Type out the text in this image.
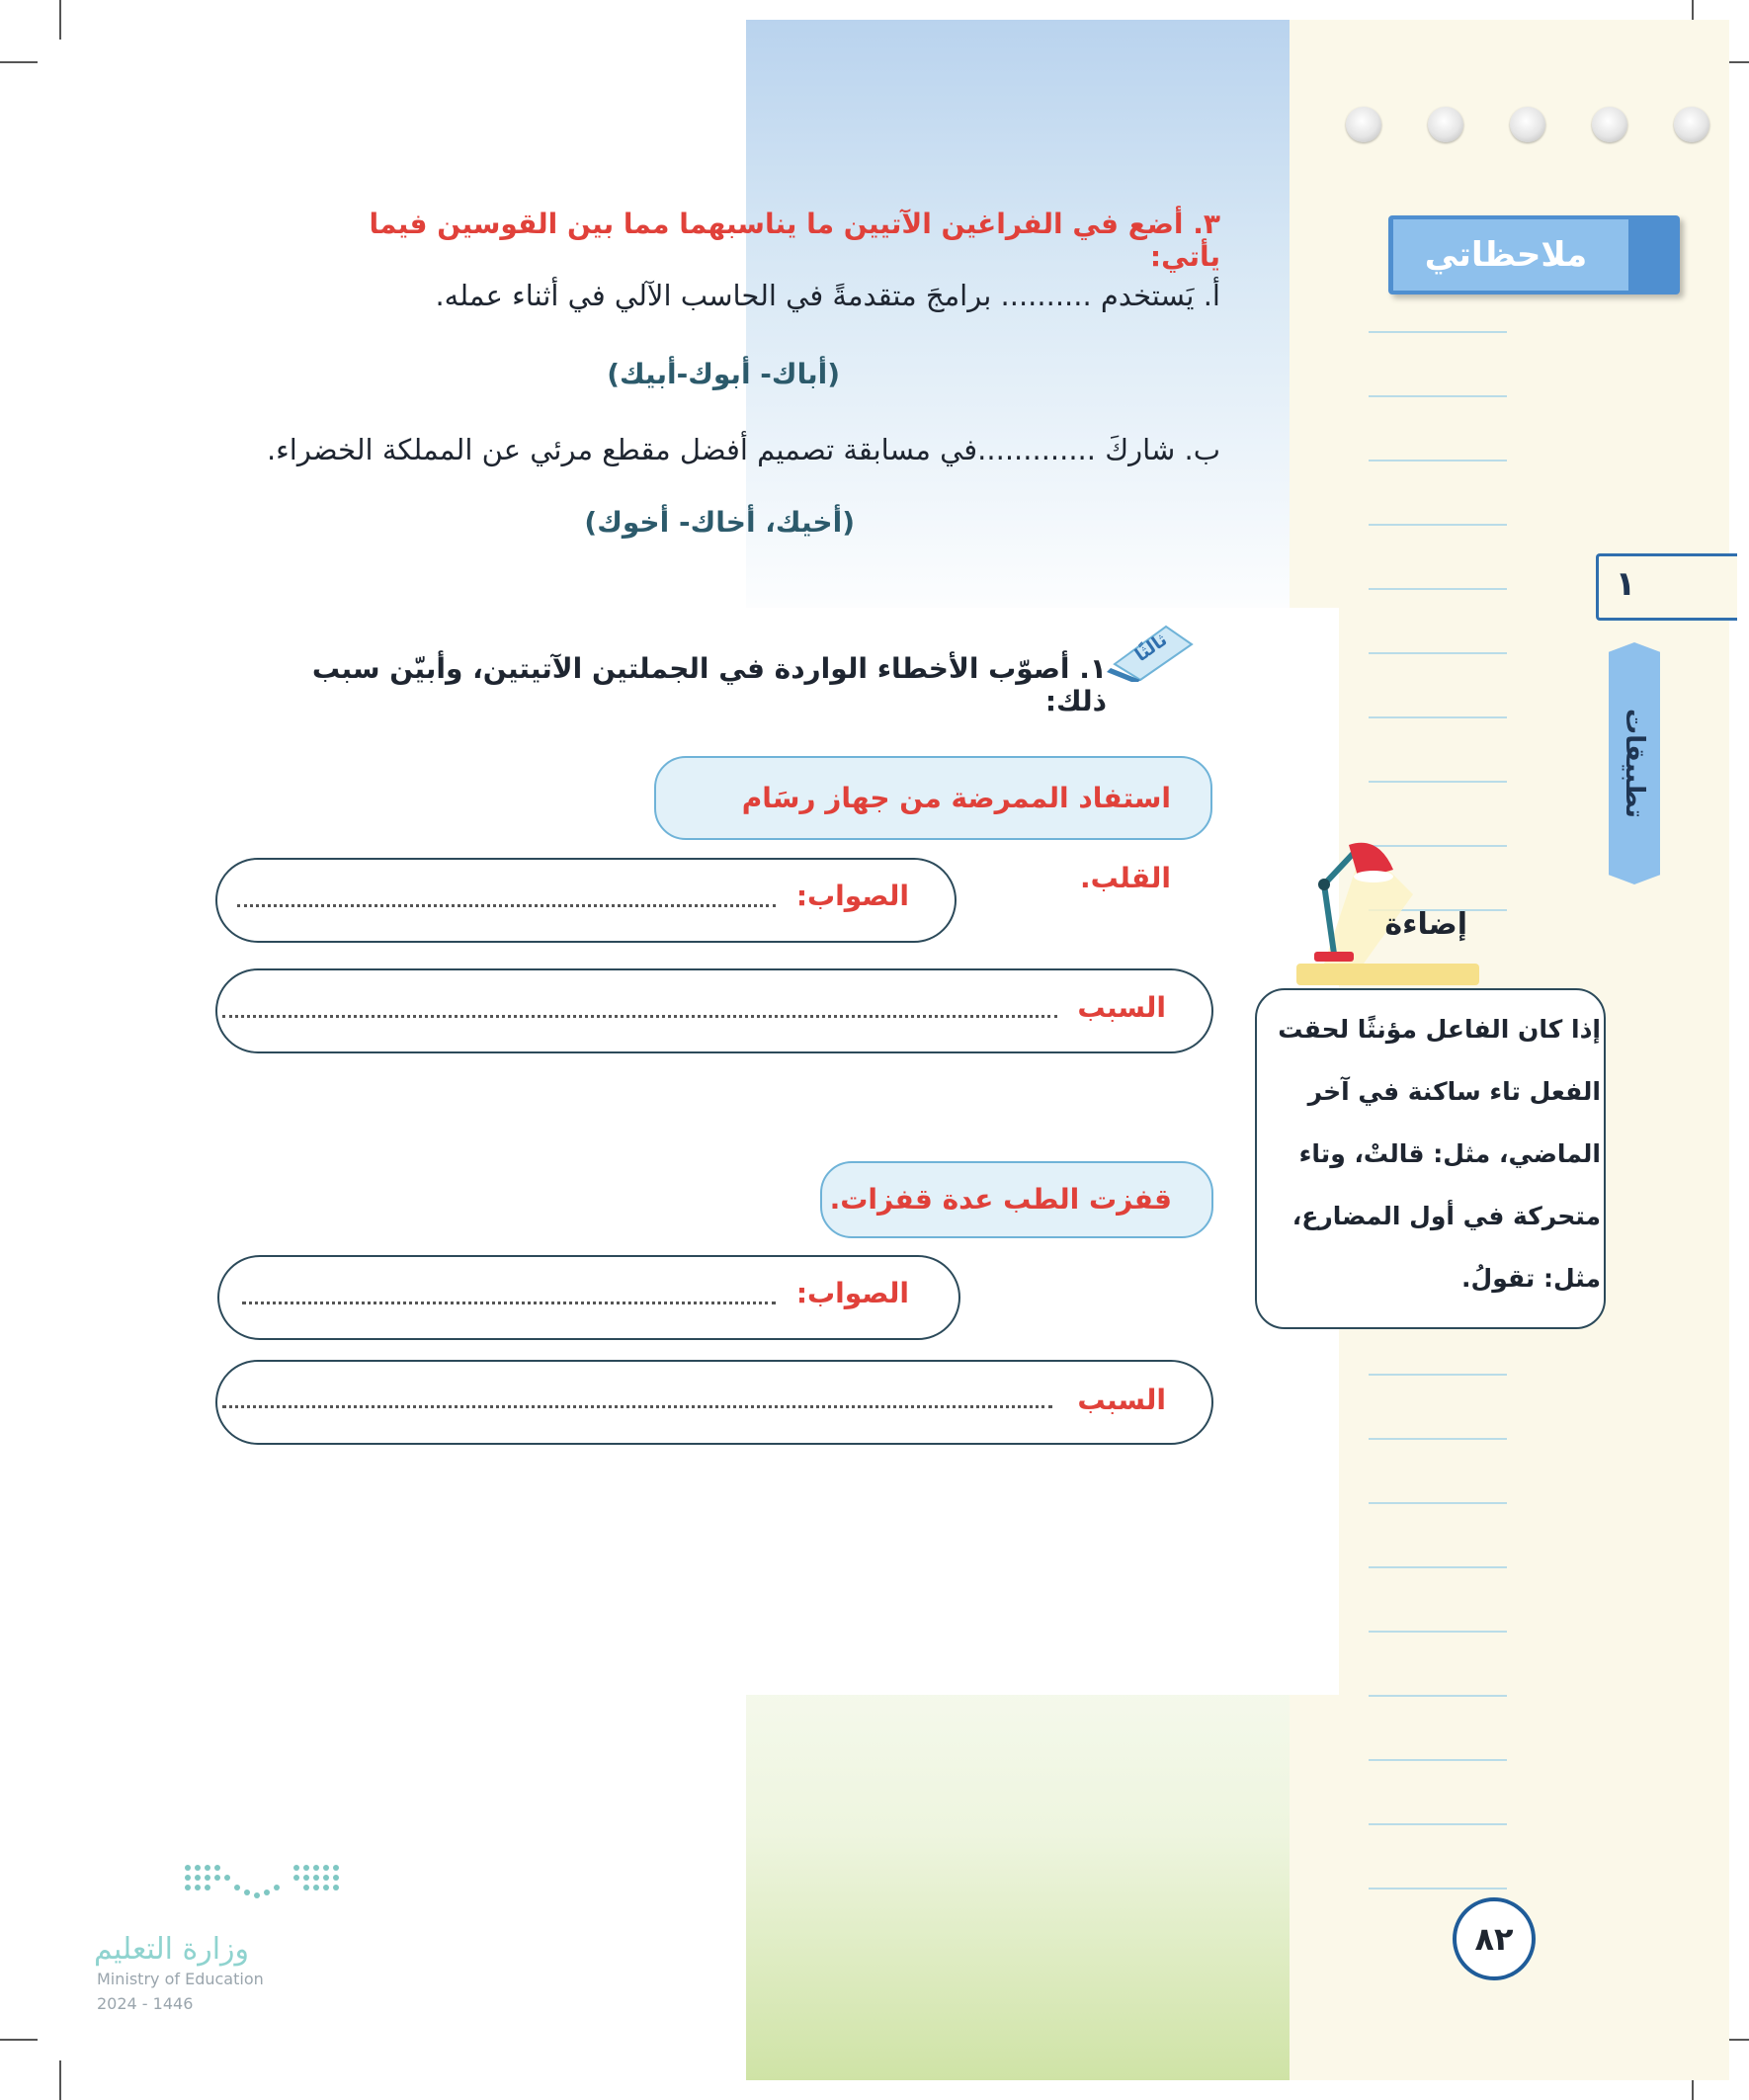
ملاحظاتي
١
تطبيقات
٣. أضع في الفراغين الآتيين ما يناسبهما مما بين القوسين فيما يأتي:
أ. يَستخدم .......... برامجَ متقدمةً في الحاسب الآلي في أثناء عمله.
(أباك- أبوك-أبيك)
ب. شاركَ .............في مسابقة تصميم أفضل مقطع مرئي عن المملكة الخضراء.
(أخيك، أخاك- أخوك)
ثالثًا
١. أصوّب الأخطاء الواردة في الجملتين الآتيتين، وأبيّن سبب ذلك:
استفاد الممرضة من جهاز رسَام القلب.
الصواب:
السبب
قفزت الطب عدة قفزات.
الصواب:
السبب
إضاءة
إذا كان الفاعل مؤنثًا لحقت
الفعل تاء ساكنة في آخر
الماضي، مثل: قالتْ، وتاء
متحركة في أول المضارع،
مثل: تقولُ.
٨٢
وزارة التعليم
Ministry of Education
2024 - 1446
